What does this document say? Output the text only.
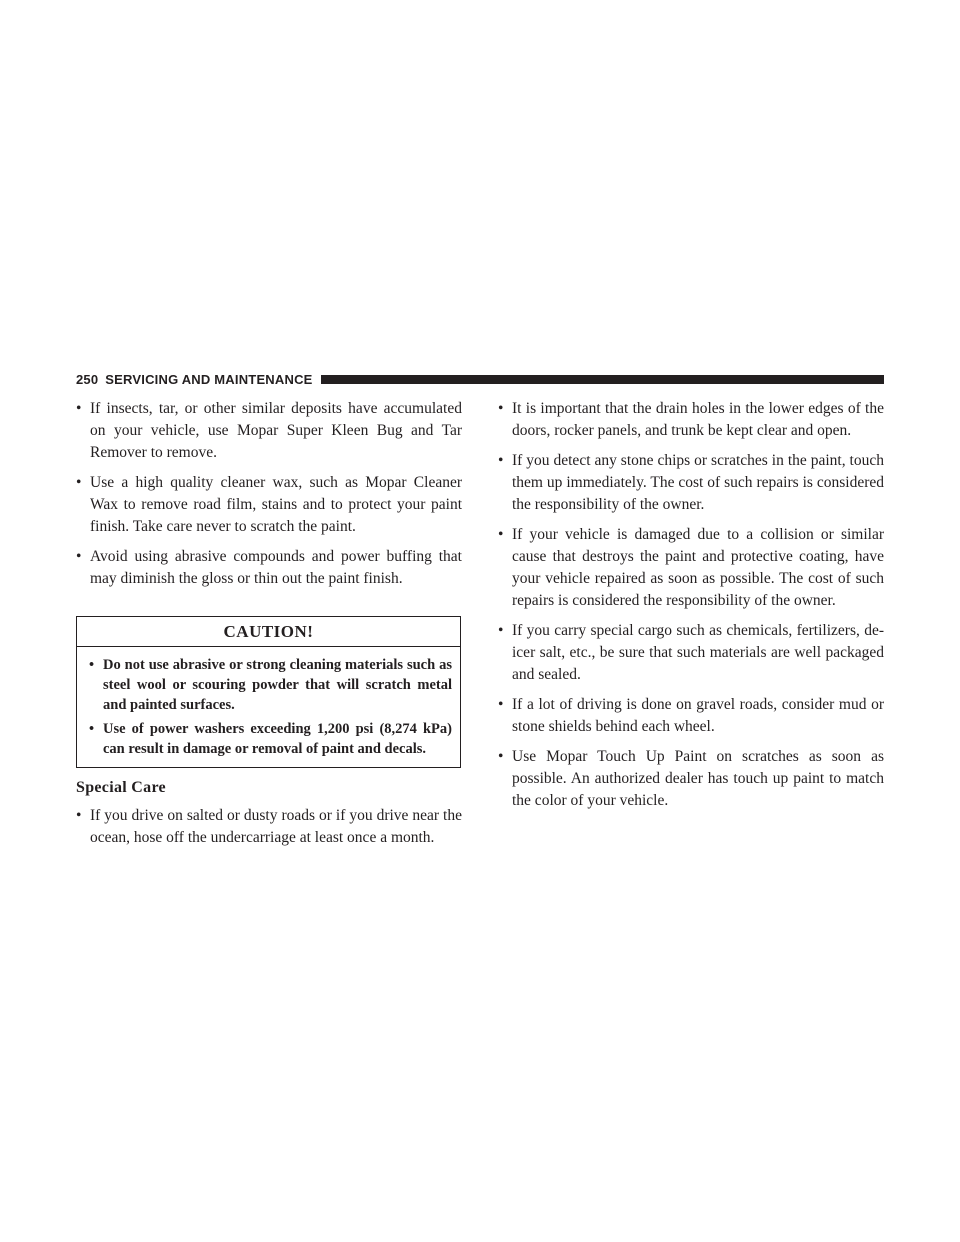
250 SERVICING AND MAINTENANCE
• If insects, tar, or other similar deposits have accumulated on your vehicle, use Mopar Super Kleen Bug and Tar Remover to remove.
• Use a high quality cleaner wax, such as Mopar Cleaner Wax to remove road film, stains and to protect your paint finish. Take care never to scratch the paint.
• Avoid using abrasive compounds and power buffing that may diminish the gloss or thin out the paint finish.
CAUTION!
• Do not use abrasive or strong cleaning materials such as steel wool or scouring powder that will scratch metal and painted surfaces.
• Use of power washers exceeding 1,200 psi (8,274 kPa) can result in damage or removal of paint and decals.
Special Care
• If you drive on salted or dusty roads or if you drive near the ocean, hose off the undercarriage at least once a month.
• It is important that the drain holes in the lower edges of the doors, rocker panels, and trunk be kept clear and open.
• If you detect any stone chips or scratches in the paint, touch them up immediately. The cost of such repairs is considered the responsibility of the owner.
• If your vehicle is damaged due to a collision or similar cause that destroys the paint and protective coating, have your vehicle repaired as soon as possible. The cost of such repairs is considered the responsibility of the owner.
• If you carry special cargo such as chemicals, fertilizers, de-icer salt, etc., be sure that such materials are well packaged and sealed.
• If a lot of driving is done on gravel roads, consider mud or stone shields behind each wheel.
• Use Mopar Touch Up Paint on scratches as soon as possible. An authorized dealer has touch up paint to match the color of your vehicle.
